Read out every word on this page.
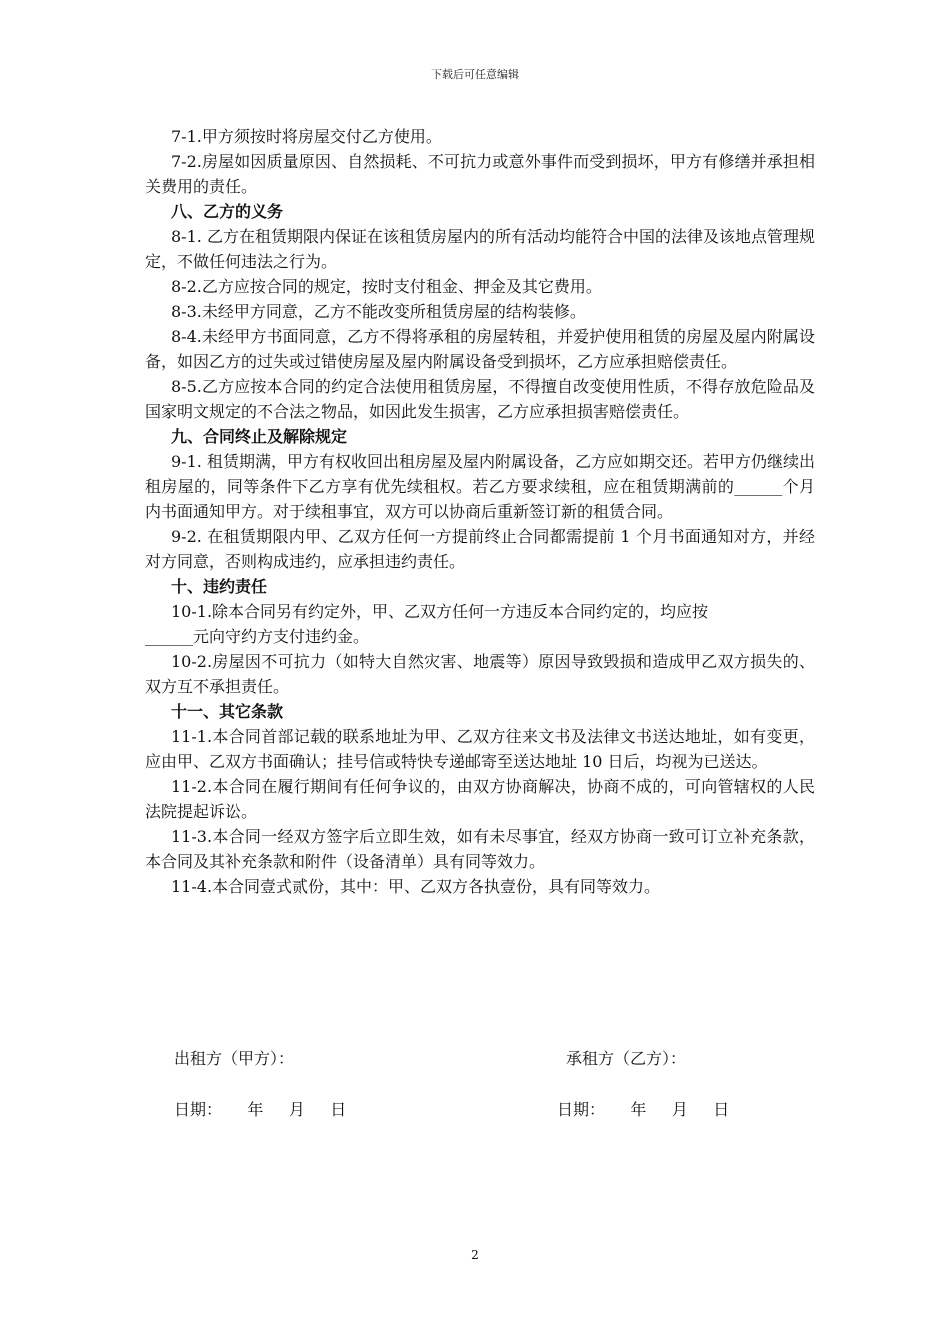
下载后可任意编辑

7-1.甲方须按时将房屋交付乙方使用。

7-2.房屋如因质量原因、自然损耗、不可抗力或意外事件而受到损坏，甲方有修缮并承担相关费用的责任。

八、乙方的义务

8-1. 乙方在租赁期限内保证在该租赁房屋内的所有活动均能符合中国的法律及该地点管理规定，不做任何违法之行为。

8-2.乙方应按合同的规定，按时支付租金、押金及其它费用。

8-3.未经甲方同意，乙方不能改变所租赁房屋的结构装修。

8-4.未经甲方书面同意，乙方不得将承租的房屋转租，并爱护使用租赁的房屋及屋内附属设备，如因乙方的过失或过错使房屋及屋内附属设备受到损坏，乙方应承担赔偿责任。

8-5.乙方应按本合同的约定合法使用租赁房屋，不得擅自改变使用性质，不得存放危险品及国家明文规定的不合法之物品，如因此发生损害，乙方应承担损害赔偿责任。

九、合同终止及解除规定

9-1. 租赁期满，甲方有权收回出租房屋及屋内附属设备，乙方应如期交还。若甲方仍继续出租房屋的，同等条件下乙方享有优先续租权。若乙方要求续租，应在租赁期满前的______个月内书面通知甲方。对于续租事宜，双方可以协商后重新签订新的租赁合同。

9-2. 在租赁期限内甲、乙双方任何一方提前终止合同都需提前 1 个月书面通知对方，并经对方同意，否则构成违约，应承担违约责任。

十、违约责任

10-1.除本合同另有约定外，甲、乙双方任何一方违反本合同约定的，均应按

______元向守约方支付违约金。

10-2.房屋因不可抗力（如特大自然灾害、地震等）原因导致毁损和造成甲乙双方损失的、双方互不承担责任。

十一、其它条款

11-1.本合同首部记载的联系地址为甲、乙双方往来文书及法律文书送达地址，如有变更，应由甲、乙双方书面确认；挂号信或特快专递邮寄至送达地址 10 日后，均视为已送达。

11-2.本合同在履行期间有任何争议的，由双方协商解决，协商不成的，可向管辖权的人民法院提起诉讼。

11-3.本合同一经双方签字后立即生效，如有未尽事宜，经双方协商一致可订立补充条款，本合同及其补充条款和附件（设备清单）具有同等效力。

11-4.本合同壹式贰份，其中：甲、乙双方各执壹份，具有同等效力。

出租方（甲方）：	承租方（乙方）：
日期：     年     月     日	日期：     年     月     日
2
